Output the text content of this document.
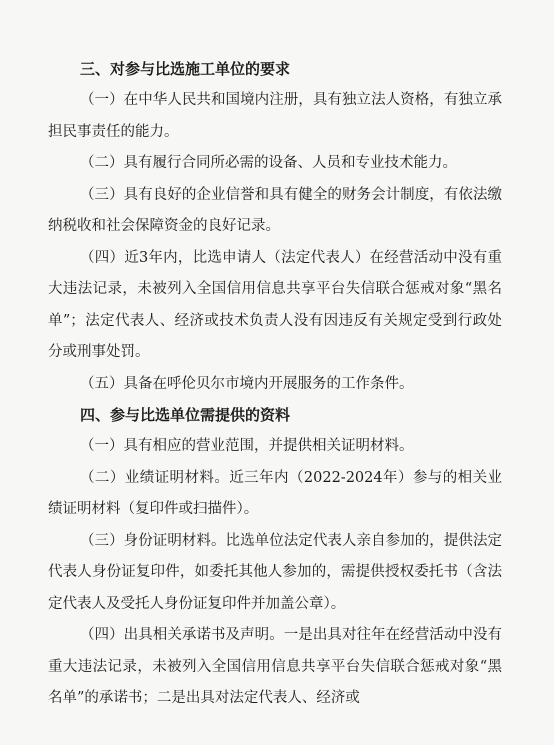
三、对参与比选施工单位的要求

（一）在中华人民共和国境内注册，具有独立法人资格，有独立承担民事责任的能力。

（二）具有履行合同所必需的设备、人员和专业技术能力。

（三）具有良好的企业信誉和具有健全的财务会计制度，有依法缴纳税收和社会保障资金的良好记录。

（四）近3年内，比选申请人（法定代表人）在经营活动中没有重大违法记录，未被列入全国信用信息共享平台失信联合惩戒对象“黑名单”；法定代表人、经济或技术负责人没有因违反有关规定受到行政处分或刑事处罚。

（五）具备在呼伦贝尔市境内开展服务的工作条件。

四、参与比选单位需提供的资料

（一）具有相应的营业范围，并提供相关证明材料。

（二）业绩证明材料。近三年内（2022-2024年）参与的相关业绩证明材料（复印件或扫描件）。

（三）身份证明材料。比选单位法定代表人亲自参加的，提供法定代表人身份证复印件，如委托其他人参加的，需提供授权委托书（含法定代表人及受托人身份证复印件并加盖公章）。

（四）出具相关承诺书及声明。一是出具对往年在经营活动中没有重大违法记录，未被列入全国信用信息共享平台失信联合惩戒对象“黑名单”的承诺书；二是出具对法定代表人、经济或
